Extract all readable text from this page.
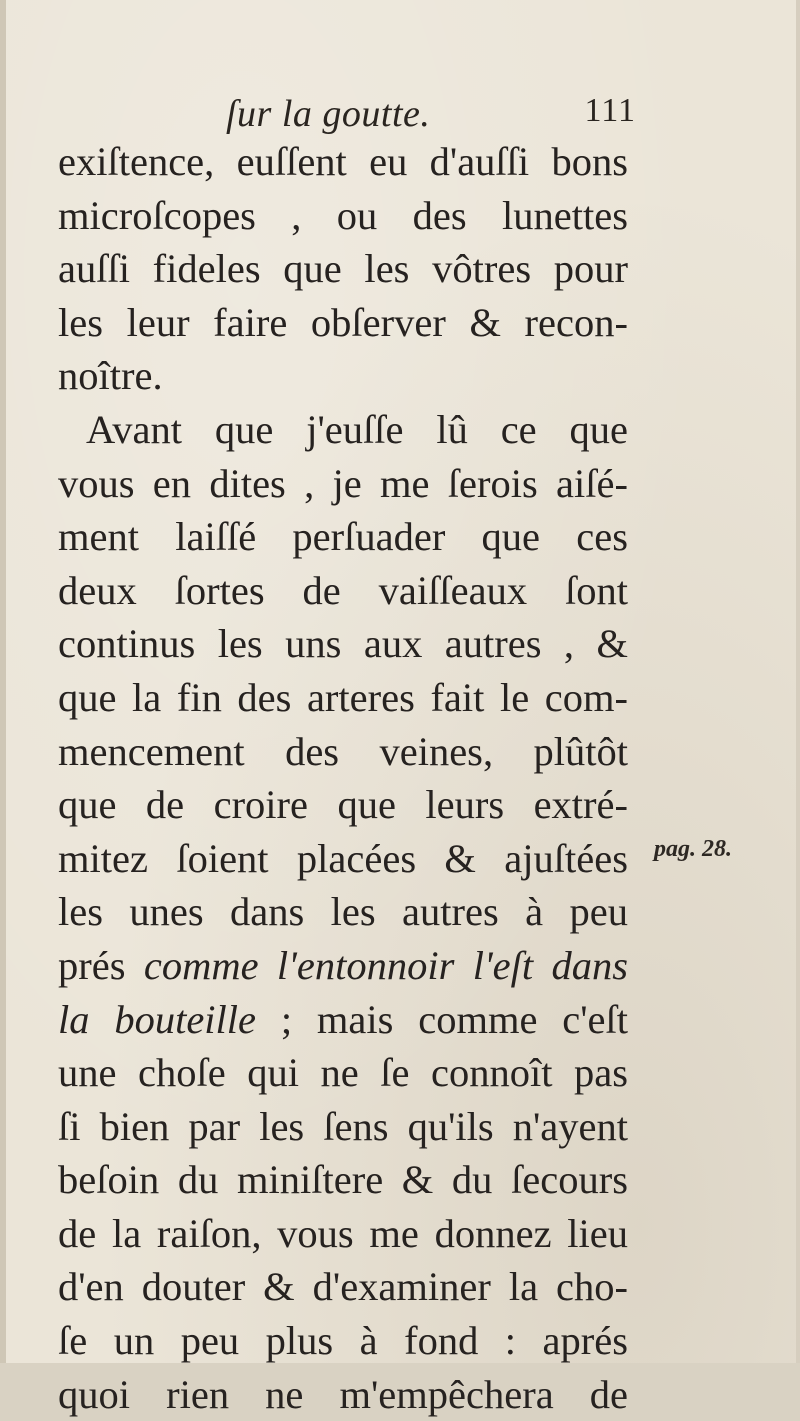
ſur la goutte.	111
exiſtence, euſſent eu d'auſſi bons
microſcopes , ou des lunettes
auſſi fideles que les vôtres pour
les leur faire obſerver & recon-
noître.
Avant que j'euſſe lû ce que
vous en dites , je me ſerois aiſé-
ment laiſſé perſuader que ces
deux ſortes de vaiſſeaux ſont
continus les uns aux autres , &
que la fin des arteres fait le com-
mencement des veines, plûtôt
que de croire que leurs extré-
mitez ſoient placées & ajuſtées
les unes dans les autres à peu
prés comme l'entonnoir l'eſt dans
la bouteille ; mais comme c'eſt
une choſe qui ne ſe connoît pas
ſi bien par les ſens qu'ils n'ayent
beſoin du miniſtere & du ſecours
de la raiſon, vous me donnez lieu
d'en douter & d'examiner la cho-
ſe un peu plus à fond : aprés
quoi rien ne m'empêchera de
pag. 28.
